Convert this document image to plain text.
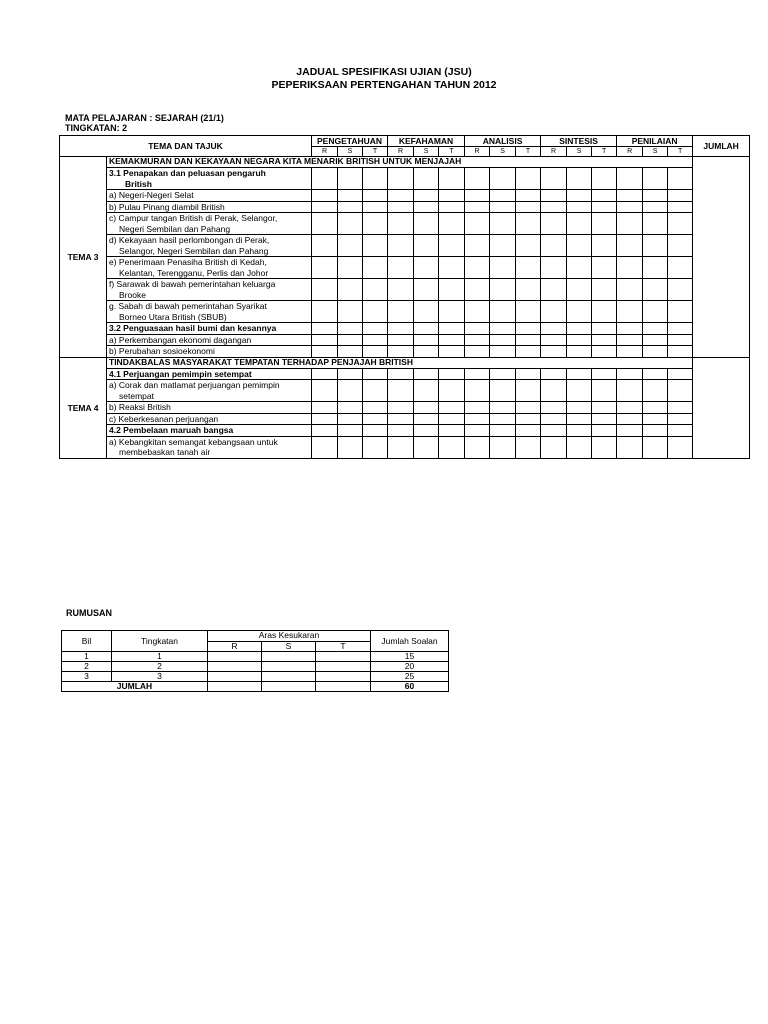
JADUAL SPESIFIKASI UJIAN (JSU)
PEPERIKSAAN PERTENGAHAN TAHUN 2012
MATA PELAJARAN : SEJARAH (21/1)
TINGKATAN: 2
TEMA DAN TAJUK		PENGETAHUAN			KEFAHAMAN			ANALISIS			SINTESIS			PENILAIAN			JUMLAH
		R	S	T	R	S	T	R	S	T	R	S	T	R	S	T	
TEMA 3	KEMAKMURAN DAN KEKAYAAN NEGARA KITA MENARIK BRITISH UNTUK MENJAJAH																
	3.1 Penapakan dan peluasan pengaruh
British																

	a) Negeri-Negeri Selat																
	b) Pulau Pinang diambil British																
	c) Campur tangan British di Perak, Selangor,
Negeri Sembilan dan Pahang																

	d) Kekayaan hasil perlombongan di Perak,
Selangor, Negeri Sembilan dan Pahang																

	e) Penerimaan Penasiha British di Kedah,
Kelantan, Terengganu, Perlis dan Johor																

	f) Sarawak di bawah pemerintahan keluarga
Brooke																

	g. Sabah di bawah pemerintahan Syarikat
Borneo Utara British (SBUB)																

	3.2 Penguasaan hasil bumi dan kesannya																
	a) Perkembangan ekonomi dagangan																
	b) Perubahan sosioekonomi																
TEMA 4	TINDAKBALAS MASYARAKAT TEMPATAN TERHADAP PENJAJAH BRITISH																
	4.1 Perjuangan pemimpin setempat																
	a) Corak dan matlamat perjuangan pemimpin
setempat																

	b) Reaksi British																
	c) Keberkesanan perjuangan																
	4.2 Pembelaan maruah bangsa																
	a) Kebangkitan semangat kebangsaan untuk
membebaskan tanah air																

RUMUSAN
Bil	Tingkatan	Aras Kesukaran			Jumlah Soalan
		R	S	T	
1	1				15
2	2				20
3	3				25
JUMLAH					60
